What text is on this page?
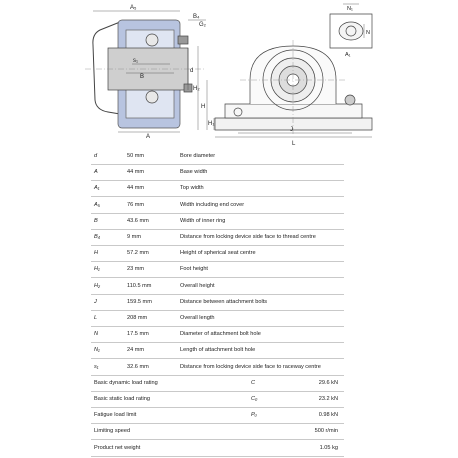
A₅
B₄
G₂
s₁
B
d
A
H₂
H
H₁
J
L
N₁
N
A₁
d	50 mm	Bore diameter
A	44 mm	Base width
A₁	44 mm	Top width
A₅	76 mm	Width including end cover
B	43.6 mm	Width of inner ring
B₄	9 mm	Distance from locking device side face to thread centre
H	57.2 mm	Height of spherical seat centre
H₁	23 mm	Foot height
H₂	110.5 mm	Overall height
J	159.5 mm	Distance between attachment bolts
L	208 mm	Overall length
N	17.5 mm	Diameter of attachment bolt hole
N₁	24 mm	Length of attachment bolt hole
s₁	32.6 mm	Distance from locking device side face to raceway centre
Basic dynamic load rating	C	29.6 kN
Basic static load rating	C₀	23.2 kN
Fatigue load limit	Pᵤ	0.98 kN
Limiting speed	500 r/min
Product net weight	1.05 kg
